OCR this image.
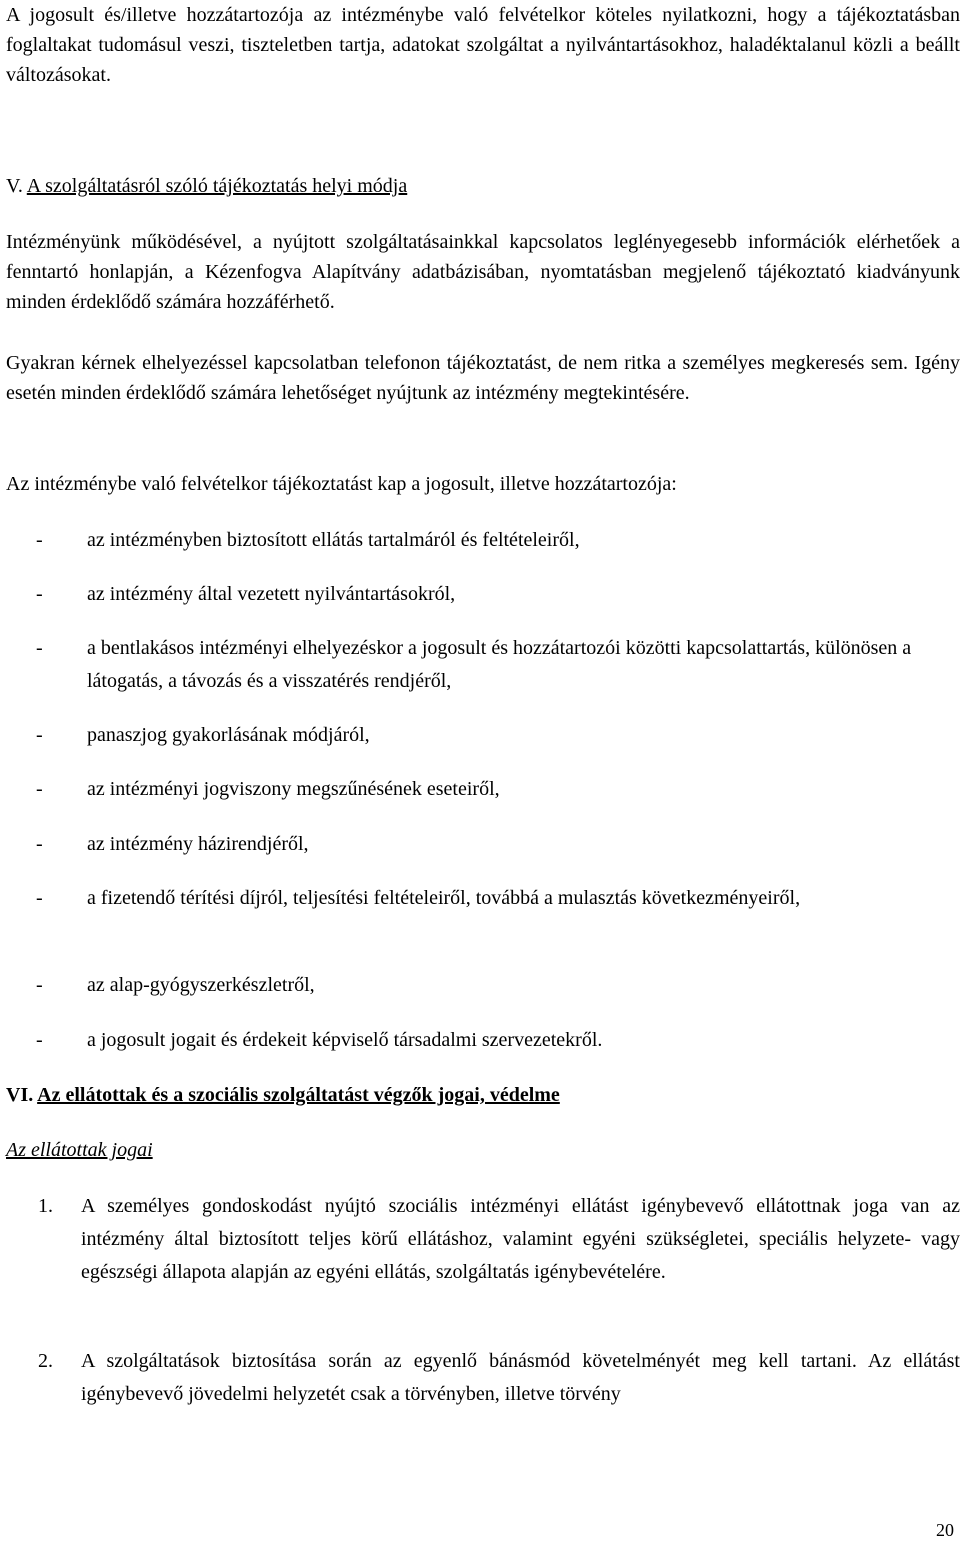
A jogosult és/illetve hozzátartozója az intézménybe való felvételkor köteles nyilatkozni, hogy a tájékoztatásban foglaltakat tudomásul veszi, tiszteletben tartja, adatokat szolgáltat a nyilvántartásokhoz, haladéktalanul közli a beállt változásokat.

V. A szolgáltatásról szóló tájékoztatás helyi módja

Intézményünk működésével, a nyújtott szolgáltatásainkkal kapcsolatos leglényegesebb információk elérhetőek a fenntartó honlapján, a Kézenfogva Alapítvány adatbázisában, nyomtatásban megjelenő tájékoztató kiadványunk minden érdeklődő számára hozzáférhető.

Gyakran kérnek elhelyezéssel kapcsolatban telefonon tájékoztatást, de nem ritka a személyes megkeresés sem. Igény esetén minden érdeklődő számára lehetőséget nyújtunk az intézmény megtekintésére.

Az intézménybe való felvételkor tájékoztatást kap a jogosult, illetve hozzátartozója:

- az intézményben biztosított ellátás tartalmáról és feltételeiről,
- az intézmény által vezetett nyilvántartásokról,
- a bentlakásos intézményi elhelyezéskor a jogosult és hozzátartozói közötti kapcsolattartás, különösen a látogatás, a távozás és a visszatérés rendjéről,
- panaszjog gyakorlásának módjáról,
- az intézményi jogviszony megszűnésének eseteiről,
- az intézmény házirendjéről,
- a fizetendő térítési díjról, teljesítési feltételeiről, továbbá a mulasztás következményeiről,
- az alap-gyógyszerkészletről,
- a jogosult jogait és érdekeit képviselő társadalmi szervezetekről.
VI. Az ellátottak és a szociális szolgáltatást végzők jogai, védelme
Az ellátottak jogai
1. A személyes gondoskodást nyújtó szociális intézményi ellátást igénybevevő ellátottnak joga van az intézmény által biztosított teljes körű ellátáshoz, valamint egyéni szükségletei, speciális helyzete- vagy egészségi állapota alapján az egyéni ellátás, szolgáltatás igénybevételére.
2. A szolgáltatások biztosítása során az egyenlő bánásmód követelményét meg kell tartani. Az ellátást igénybevevő jövedelmi helyzetét csak a törvényben, illetve törvény
20
